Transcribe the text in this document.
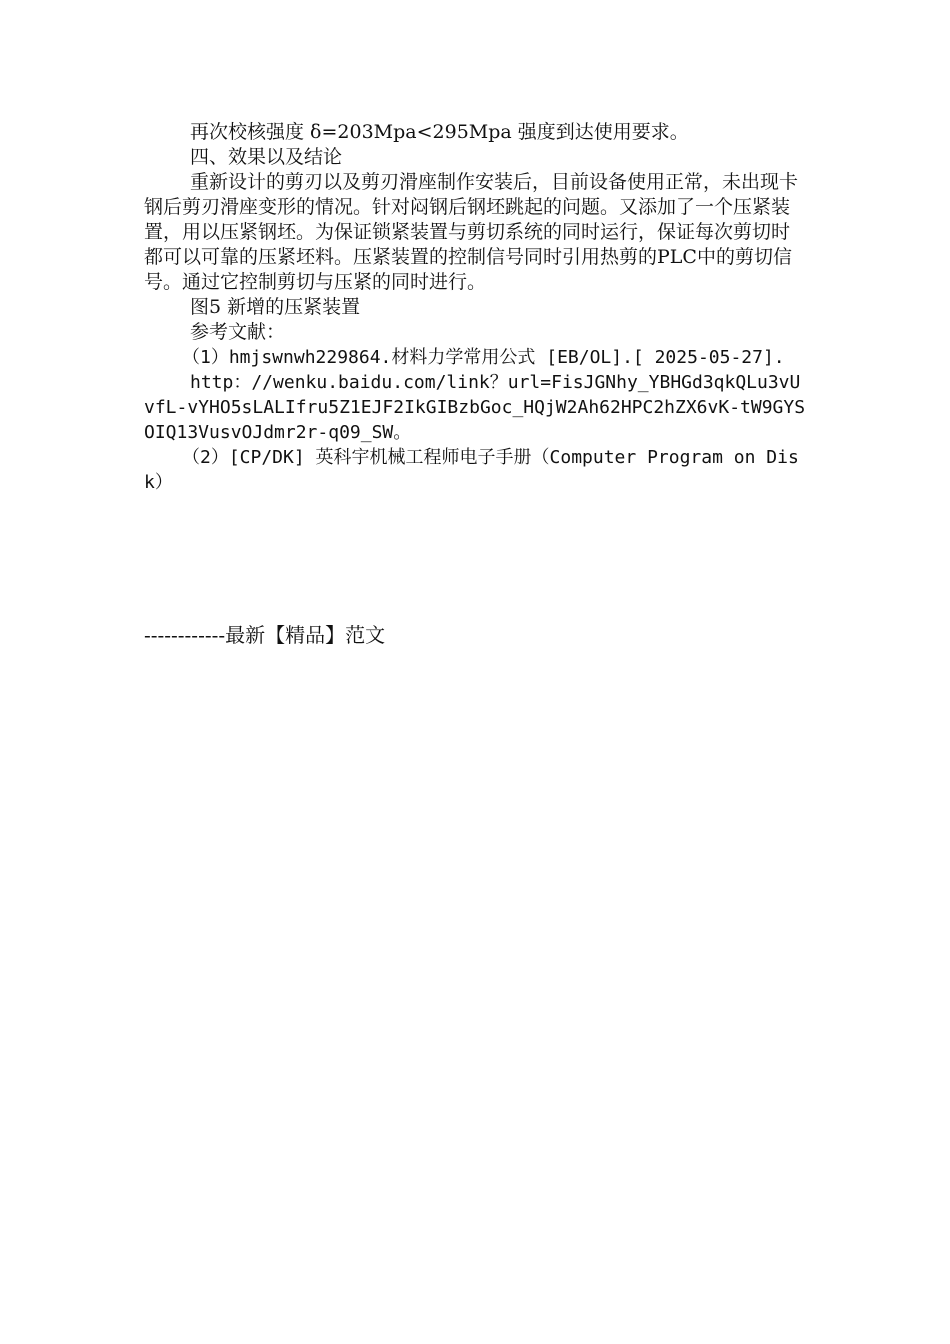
再次校核强度 δ=203Mpa<295Mpa 强度到达使用要求。

四、效果以及结论

重新设计的剪刃以及剪刃滑座制作安装后，目前设备使用正常，未出现卡钢后剪刃滑座变形的情况。针对闷钢后钢坯跳起的问题。又添加了一个压紧装置，用以压紧钢坯。为保证锁紧装置与剪切系统的同时运行，保证每次剪切时都可以可靠的压紧坯料。压紧装置的控制信号同时引用热剪的PLC中的剪切信号。通过它控制剪切与压紧的同时进行。

图5 新增的压紧装置

参考文献：

（1）hmjswnwh229864.材料力学常用公式 [EB/OL].[ 2025-05-27].

http：//wenku.baidu.com/link？url=FisJGNhy_YBHGd3qkQLu3vUvfL-vYHO5sLALIfru5Z1EJF2IkGIBzbGoc_HQjW2Ah62HPC2hZX6vK-tW9GYSOIQ13VusvOJdmr2r-q09_SW。

（2）[CP/DK] 英科宇机械工程师电子手册（Computer Program on Disk）

------------最新【精品】范文
